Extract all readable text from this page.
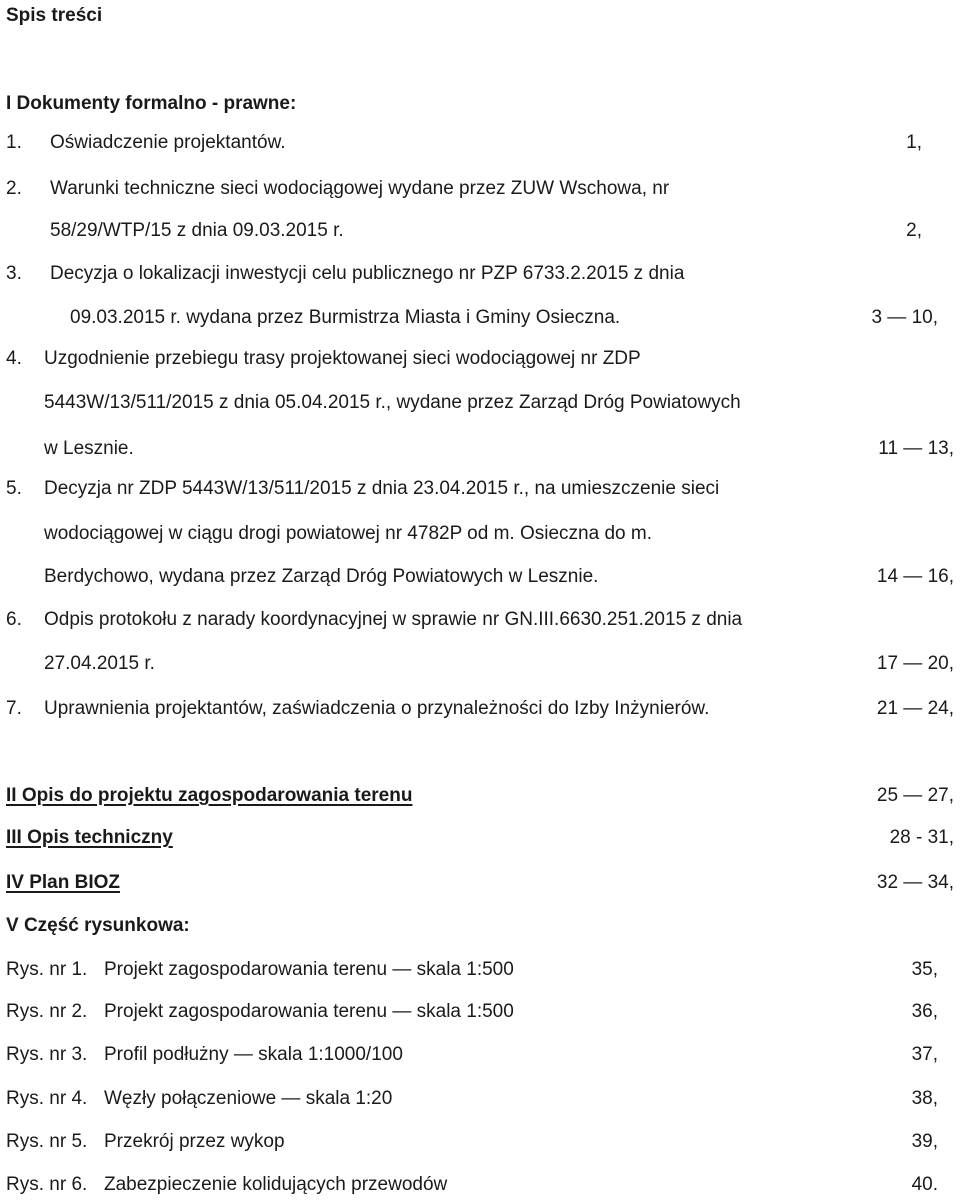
Spis treści
I Dokumenty formalno - prawne:
1. Oświadczenie projektantów.	1,
2. Warunki techniczne sieci wodociągowej wydane przez ZUW Wschowa, nr
58/29/WTP/15 z dnia 09.03.2015 r.	2,
3. Decyzja o lokalizacji inwestycji celu publicznego nr PZP 6733.2.2015 z dnia
09.03.2015 r. wydana przez Burmistrza Miasta i Gminy Osieczna.	3 — 10,
4. Uzgodnienie przebiegu trasy projektowanej sieci wodociągowej nr ZDP
5443W/13/511/2015 z dnia 05.04.2015 r., wydane przez Zarząd Dróg Powiatowych
w Lesznie.	11 — 13,
5. Decyzja nr ZDP 5443W/13/511/2015 z dnia 23.04.2015 r., na umieszczenie sieci
wodociągowej w ciągu drogi powiatowej nr 4782P od m. Osieczna do m.
Berdychowo, wydana przez Zarząd Dróg Powiatowych w Lesznie.	14 — 16,
6. Odpis protokołu z narady koordynacyjnej w sprawie nr GN.III.6630.251.2015 z dnia
27.04.2015 r.	17 — 20,
7. Uprawnienia projektantów, zaświadczenia o przynależności do Izby Inżynierów.	21 — 24,
II Opis do projektu zagospodarowania terenu	25 — 27,
III Opis techniczny	28 - 31,
IV Plan BIOZ	32 — 34,
V Część rysunkowa:
Rys. nr 1. Projekt zagospodarowania terenu — skala 1:500	35,
Rys. nr 2. Projekt zagospodarowania terenu — skala 1:500	36,
Rys. nr 3. Profil podłużny — skala 1:1000/100	37,
Rys. nr 4. Węzły połączeniowe — skala 1:20	38,
Rys. nr 5. Przekrój przez wykop	39,
Rys. nr 6. Zabezpieczenie kolidujących przewodów	40.
